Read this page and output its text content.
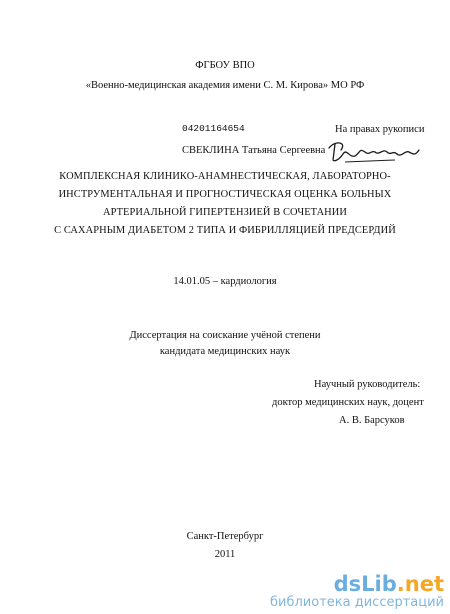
ФГБОУ ВПО
«Военно-медицинская академия имени С. М. Кирова» МО РФ
04201164654	На правах рукописи
СВЕКЛИНА Татьяна Сергеевна
КОМПЛЕКСНАЯ КЛИНИКО-АНАМНЕСТИЧЕСКАЯ, ЛАБОРАТОРНО-
ИНСТРУМЕНТАЛЬНАЯ И ПРОГНОСТИЧЕСКАЯ ОЦЕНКА БОЛЬНЫХ
АРТЕРИАЛЬНОЙ ГИПЕРТЕНЗИЕЙ В СОЧЕТАНИИ
С САХАРНЫМ ДИАБЕТОМ 2 ТИПА И ФИБРИЛЛЯЦИЕЙ ПРЕДСЕРДИЙ
14.01.05 – кардиология
Диссертация на соискание учёной степени
кандидата медицинских наук
Научный руководитель:
доктор медицинских наук, доцент
А. В. Барсуков
Санкт-Петербург
2011
dsLib.net
библиотека диссертаций
